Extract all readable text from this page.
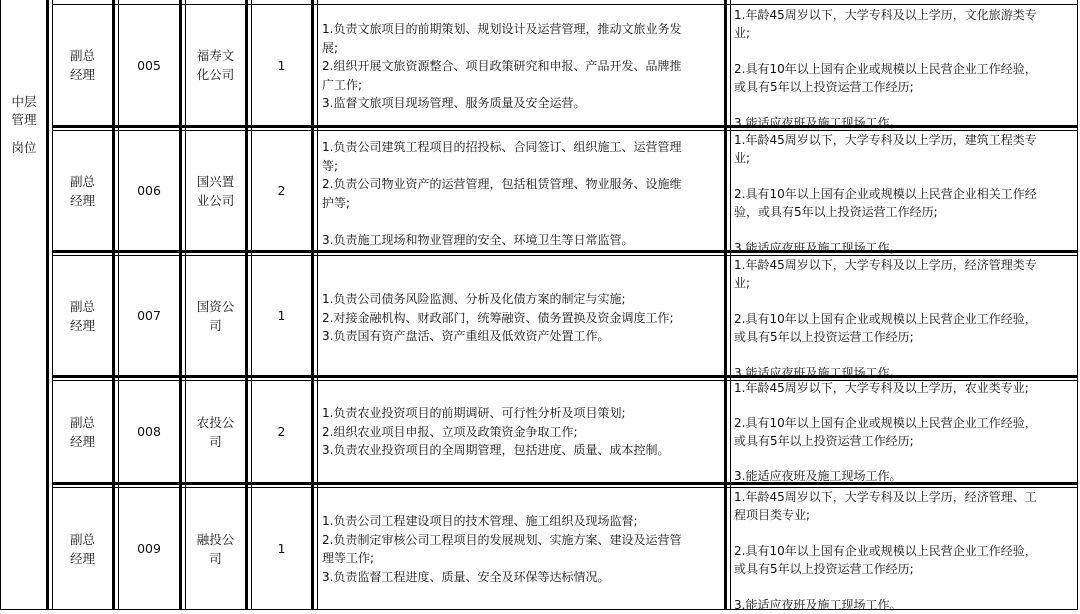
中层
管理
岗位
副总
经理
005
福寿文
化公司
1
1.负责文旅项目的前期策划、规划设计及运营管理，推动文旅业务发
展;
2.组织开展文旅资源整合、项目政策研究和申报、产品开发、品牌推
广工作;
3.监督文旅项目现场管理、服务质量及安全运营。
1.年龄45周岁以下，大学专科及以上学历，文化旅游类专
业;
2.具有10年以上国有企业或规模以上民营企业工作经验，
或具有5年以上投资运营工作经历;
3.能适应夜班及施工现场工作。
副总
经理
006
国兴置
业公司
2
1.负责公司建筑工程项目的招投标、合同签订、组织施工、运营管理
等;
2.负责公司物业资产的运营管理，包括租赁管理、物业服务、设施维
护等;
3.负责施工现场和物业管理的安全、环境卫生等日常监管。
1.年龄45周岁以下，大学专科及以上学历，建筑工程类专
业;
2.具有10年以上国有企业或规模以上民营企业相关工作经
验，或具有5年以上投资运营工作经历;
3.能适应夜班及施工现场工作。
副总
经理
007
国资公
司
1
1.负责公司债务风险监测、分析及化债方案的制定与实施;
2.对接金融机构、财政部门，统筹融资、债务置换及资金调度工作;
3.负责国有资产盘活、资产重组及低效资产处置工作。
1.年龄45周岁以下，大学专科及以上学历，经济管理类专
业;
2.具有10年以上国有企业或规模以上民营企业工作经验，
或具有5年以上投资运营工作经历;
3.能适应夜班及施工现场工作。
副总
经理
008
农投公
司
2
1.负责农业投资项目的前期调研、可行性分析及项目策划;
2.组织农业项目申报、立项及政策资金争取工作;
3.负责农业投资项目的全周期管理，包括进度、质量、成本控制。
1.年龄45周岁以下，大学专科及以上学历，农业类专业;
2.具有10年以上国有企业或规模以上民营企业工作经验，
或具有5年以上投资运营工作经历;
3.能适应夜班及施工现场工作。
副总
经理
009
融投公
司
1
1.负责公司工程建设项目的技术管理、施工组织及现场监督;
2.负责制定审核公司工程项目的发展规划、实施方案、建设及运营管
理等工作;
3.负责监督工程进度、质量、安全及环保等达标情况。
1.年龄45周岁以下，大学专科及以上学历，经济管理、工
程项目类专业;
2.具有10年以上国有企业或规模以上民营企业工作经验，
或具有5年以上投资运营工作经历;
3.能适应夜班及施工现场工作。
